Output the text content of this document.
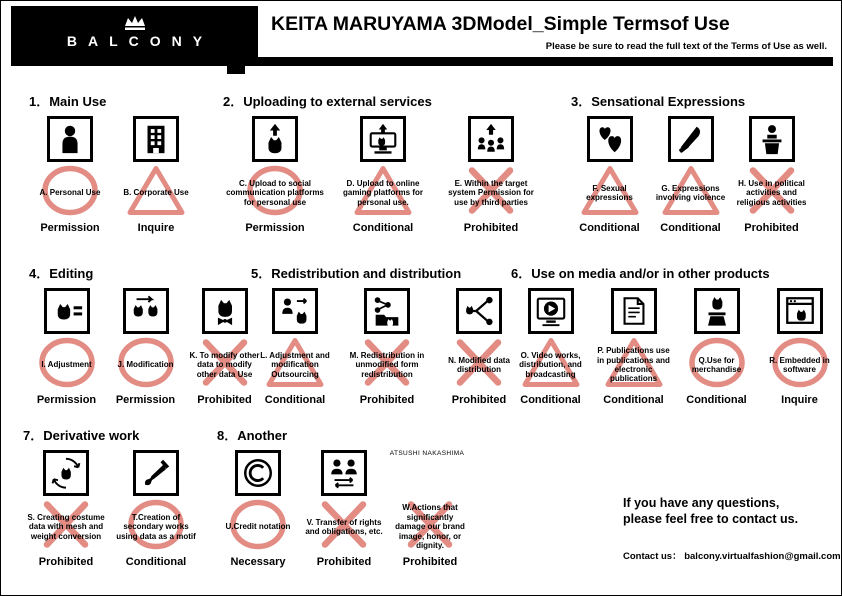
BALCONY
KEITA MARUYAMA 3DModel_Simple Termsof Use
Please be sure to read the full text of the Terms of Use as well.
1．Main Use
A. Personal Use
Permission
B. Corporate Use
Inquire
2．Uploading to external services
C. Upload to social communication platforms for personal use
Permission
D. Upload to online gaming platforms for personal use.
Conditional
E. Within the target system Permission for use by third parties
Prohibited
3．Sensational Expressions
F. Sexual expressions
Conditional
G. Expressions involving violence
Conditional
H. Use in political activities and religious activities
Prohibited
4．Editing
I. Adjustment
Permission
J. Modification
Permission
K. To modify other data to modify other data Use
Prohibited
5．Redistribution and distribution
L. Adjustment and modification Outsourcing
Conditional
M. Redistribution in unmodified form redistribution
Prohibited
N. Modified data distribution
Prohibited
6．Use on media and/or in other products
O. Video works, distribution, and broadcasting
Conditional
P. Publications use in publications and electronic publications
Conditional
Q.Use for merchandise
Conditional
R. Embedded in software
Inquire
7．Derivative work
S. Creating costume data with mesh and weight conversion
Prohibited
T.Creation of secondary works using data as a motif
Conditional
8．Another
U.Credit notation
Necessary
V. Transfer of rights and obligations, etc.
Prohibited
W.Actions that significantly damage our brand image, honor, or dignity.
Prohibited
ATSUSHI NAKASHIMA
If you have any questions,
please feel free to contact us.
Contact us： balcony.virtualfashion@gmail.com
